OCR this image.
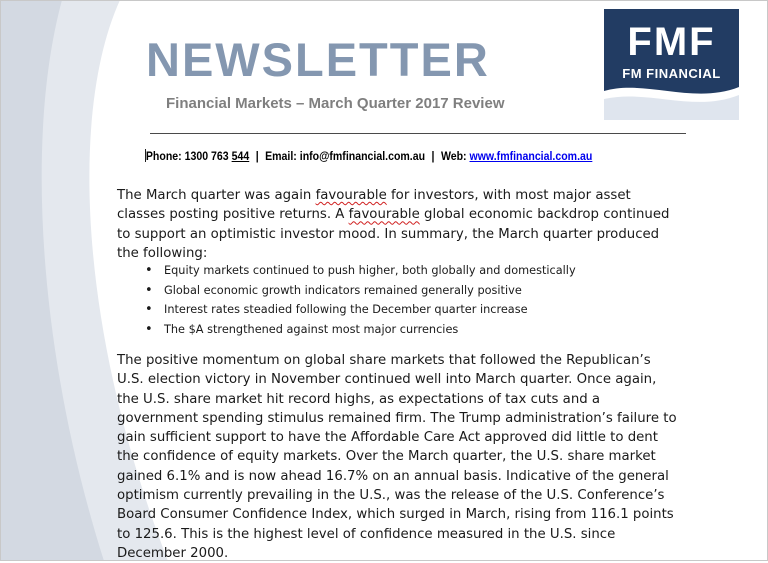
NEWSLETTER
Financial Markets – March Quarter 2017 Review
FMF
FM FINANCIAL
Phone: 1300 763 544 | Email: info@fmfinancial.com.au | Web: www.fmfinancial.com.au

The March quarter was again favourable for investors, with most major asset classes posting positive returns. A favourable global economic backdrop continued to support an optimistic investor mood. In summary, the March quarter produced the following:

• Equity markets continued to push higher, both globally and domestically
• Global economic growth indicators remained generally positive
• Interest rates steadied following the December quarter increase
• The $A strengthened against most major currencies

The positive momentum on global share markets that followed the Republican’s U.S. election victory in November continued well into March quarter. Once again, the U.S. share market hit record highs, as expectations of tax cuts and a government spending stimulus remained firm. The Trump administration’s failure to gain sufficient support to have the Affordable Care Act approved did little to dent the confidence of equity markets. Over the March quarter, the U.S. share market gained 6.1% and is now ahead 16.7% on an annual basis. Indicative of the general optimism currently prevailing in the U.S., was the release of the U.S. Conference’s Board Consumer Confidence Index, which surged in March, rising from 116.1 points to 125.6. This is the highest level of confidence measured in the U.S. since December 2000.
